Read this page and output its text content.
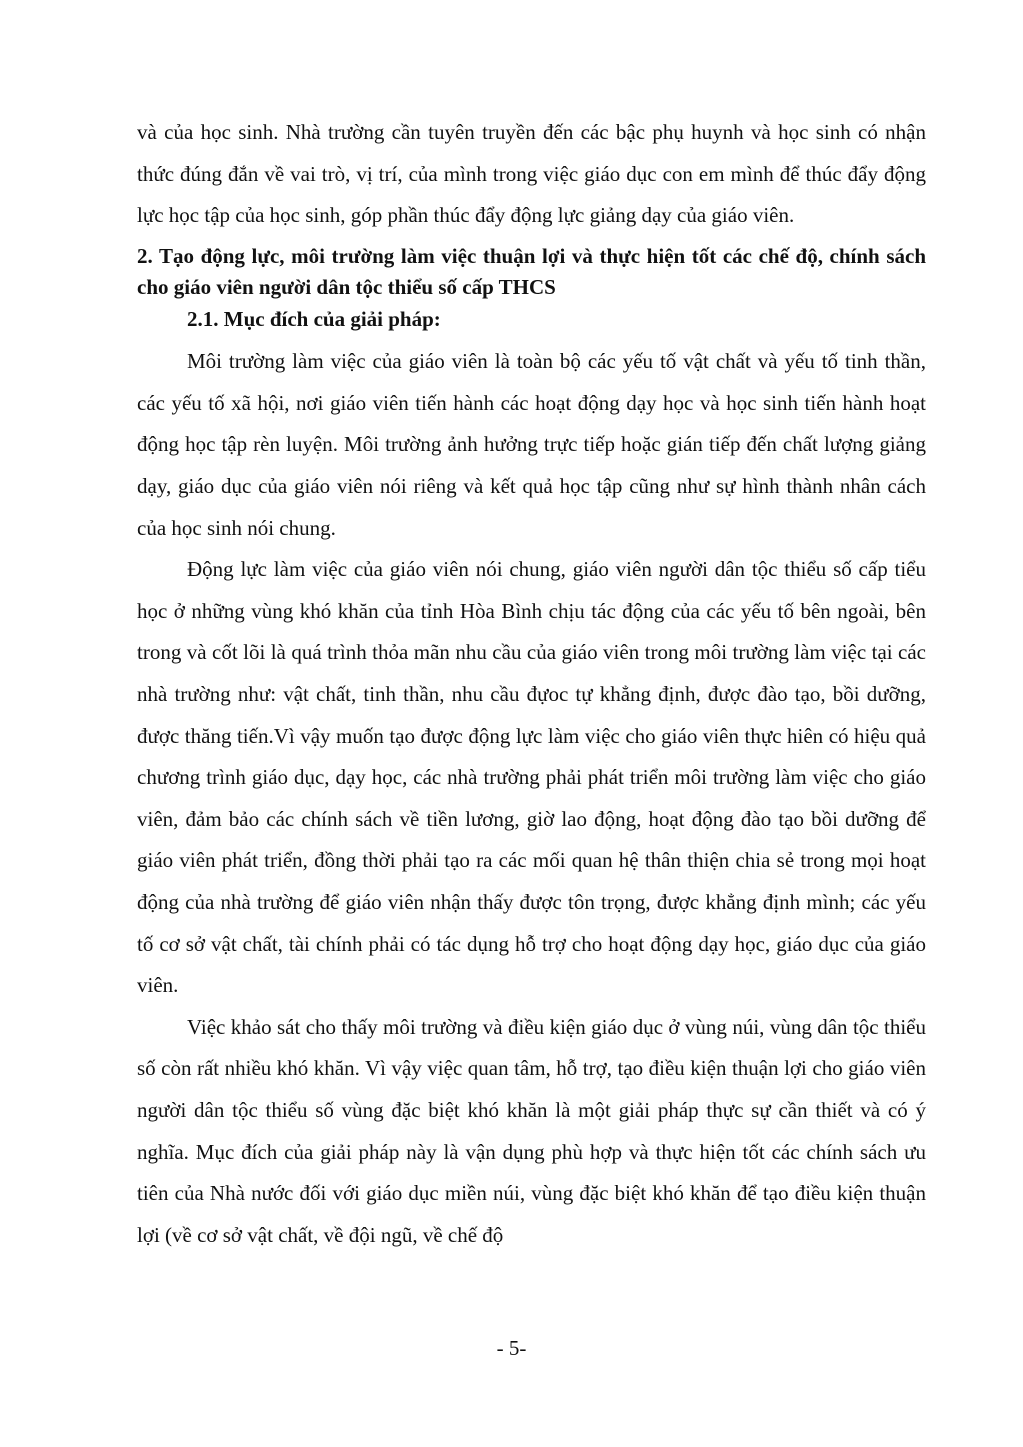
và của học sinh. Nhà trường cần tuyên truyền đến các bậc phụ huynh và học sinh có nhận thức đúng đắn về vai trò, vị trí, của mình trong việc giáo dục con em mình để thúc đẩy động lực học tập của học sinh, góp phần thúc đẩy động lực giảng dạy của giáo viên.

2. Tạo động lực, môi trường làm việc thuận lợi và thực hiện tốt các chế độ, chính sách cho giáo viên người dân tộc thiểu số cấp THCS

2.1. Mục đích của giải pháp:

Môi trường làm việc của giáo viên là toàn bộ các yếu tố vật chất và yếu tố tinh thần, các yếu tố xã hội, nơi giáo viên tiến hành các hoạt động dạy học và học sinh tiến hành hoạt động học tập rèn luyện. Môi trường ảnh hưởng trực tiếp hoặc gián tiếp đến chất lượng giảng dạy, giáo dục của giáo viên nói riêng và kết quả học tập cũng như sự hình thành nhân cách của học sinh nói chung.

Động lực làm việc của giáo viên nói chung, giáo viên người dân tộc thiểu số cấp tiểu học ở những vùng khó khăn của tỉnh Hòa Bình chịu tác động của các yếu tố bên ngoài, bên trong và cốt lõi là quá trình thỏa mãn nhu cầu của giáo viên trong môi trường làm việc tại các nhà trường như: vật chất, tinh thần, nhu cầu đựoc tự khẳng định, được đào tạo, bồi dưỡng, được thăng tiến.Vì vậy muốn tạo được động lực làm việc cho giáo viên thực hiên có hiệu quả chương trình giáo dục, dạy học, các nhà trường phải phát triển môi trường làm việc cho giáo viên, đảm bảo các chính sách về tiền lương, giờ lao động, hoạt động đào tạo bồi dưỡng để giáo viên phát triển, đồng thời phải tạo ra các mối quan hệ thân thiện chia sẻ trong mọi hoạt động của nhà trường để giáo viên nhận thấy được tôn trọng, được khẳng định mình; các yếu tố cơ sở vật chất, tài chính phải có tác dụng hỗ trợ cho hoạt động dạy học, giáo dục của giáo viên.

Việc khảo sát cho thấy môi trường và điều kiện giáo dục ở vùng núi, vùng dân tộc thiểu số còn rất nhiều khó khăn. Vì vậy việc quan tâm, hỗ trợ, tạo điều kiện thuận lợi cho giáo viên người dân tộc thiểu số vùng đặc biệt khó khăn là một giải pháp thực sự cần thiết và có ý nghĩa. Mục đích của giải pháp này là vận dụng phù hợp và thực hiện tốt các chính sách ưu tiên của Nhà nước đối với giáo dục miền núi, vùng đặc biệt khó khăn để tạo điều kiện thuận lợi (về cơ sở vật chất, về đội ngũ, về chế độ

- 5-
